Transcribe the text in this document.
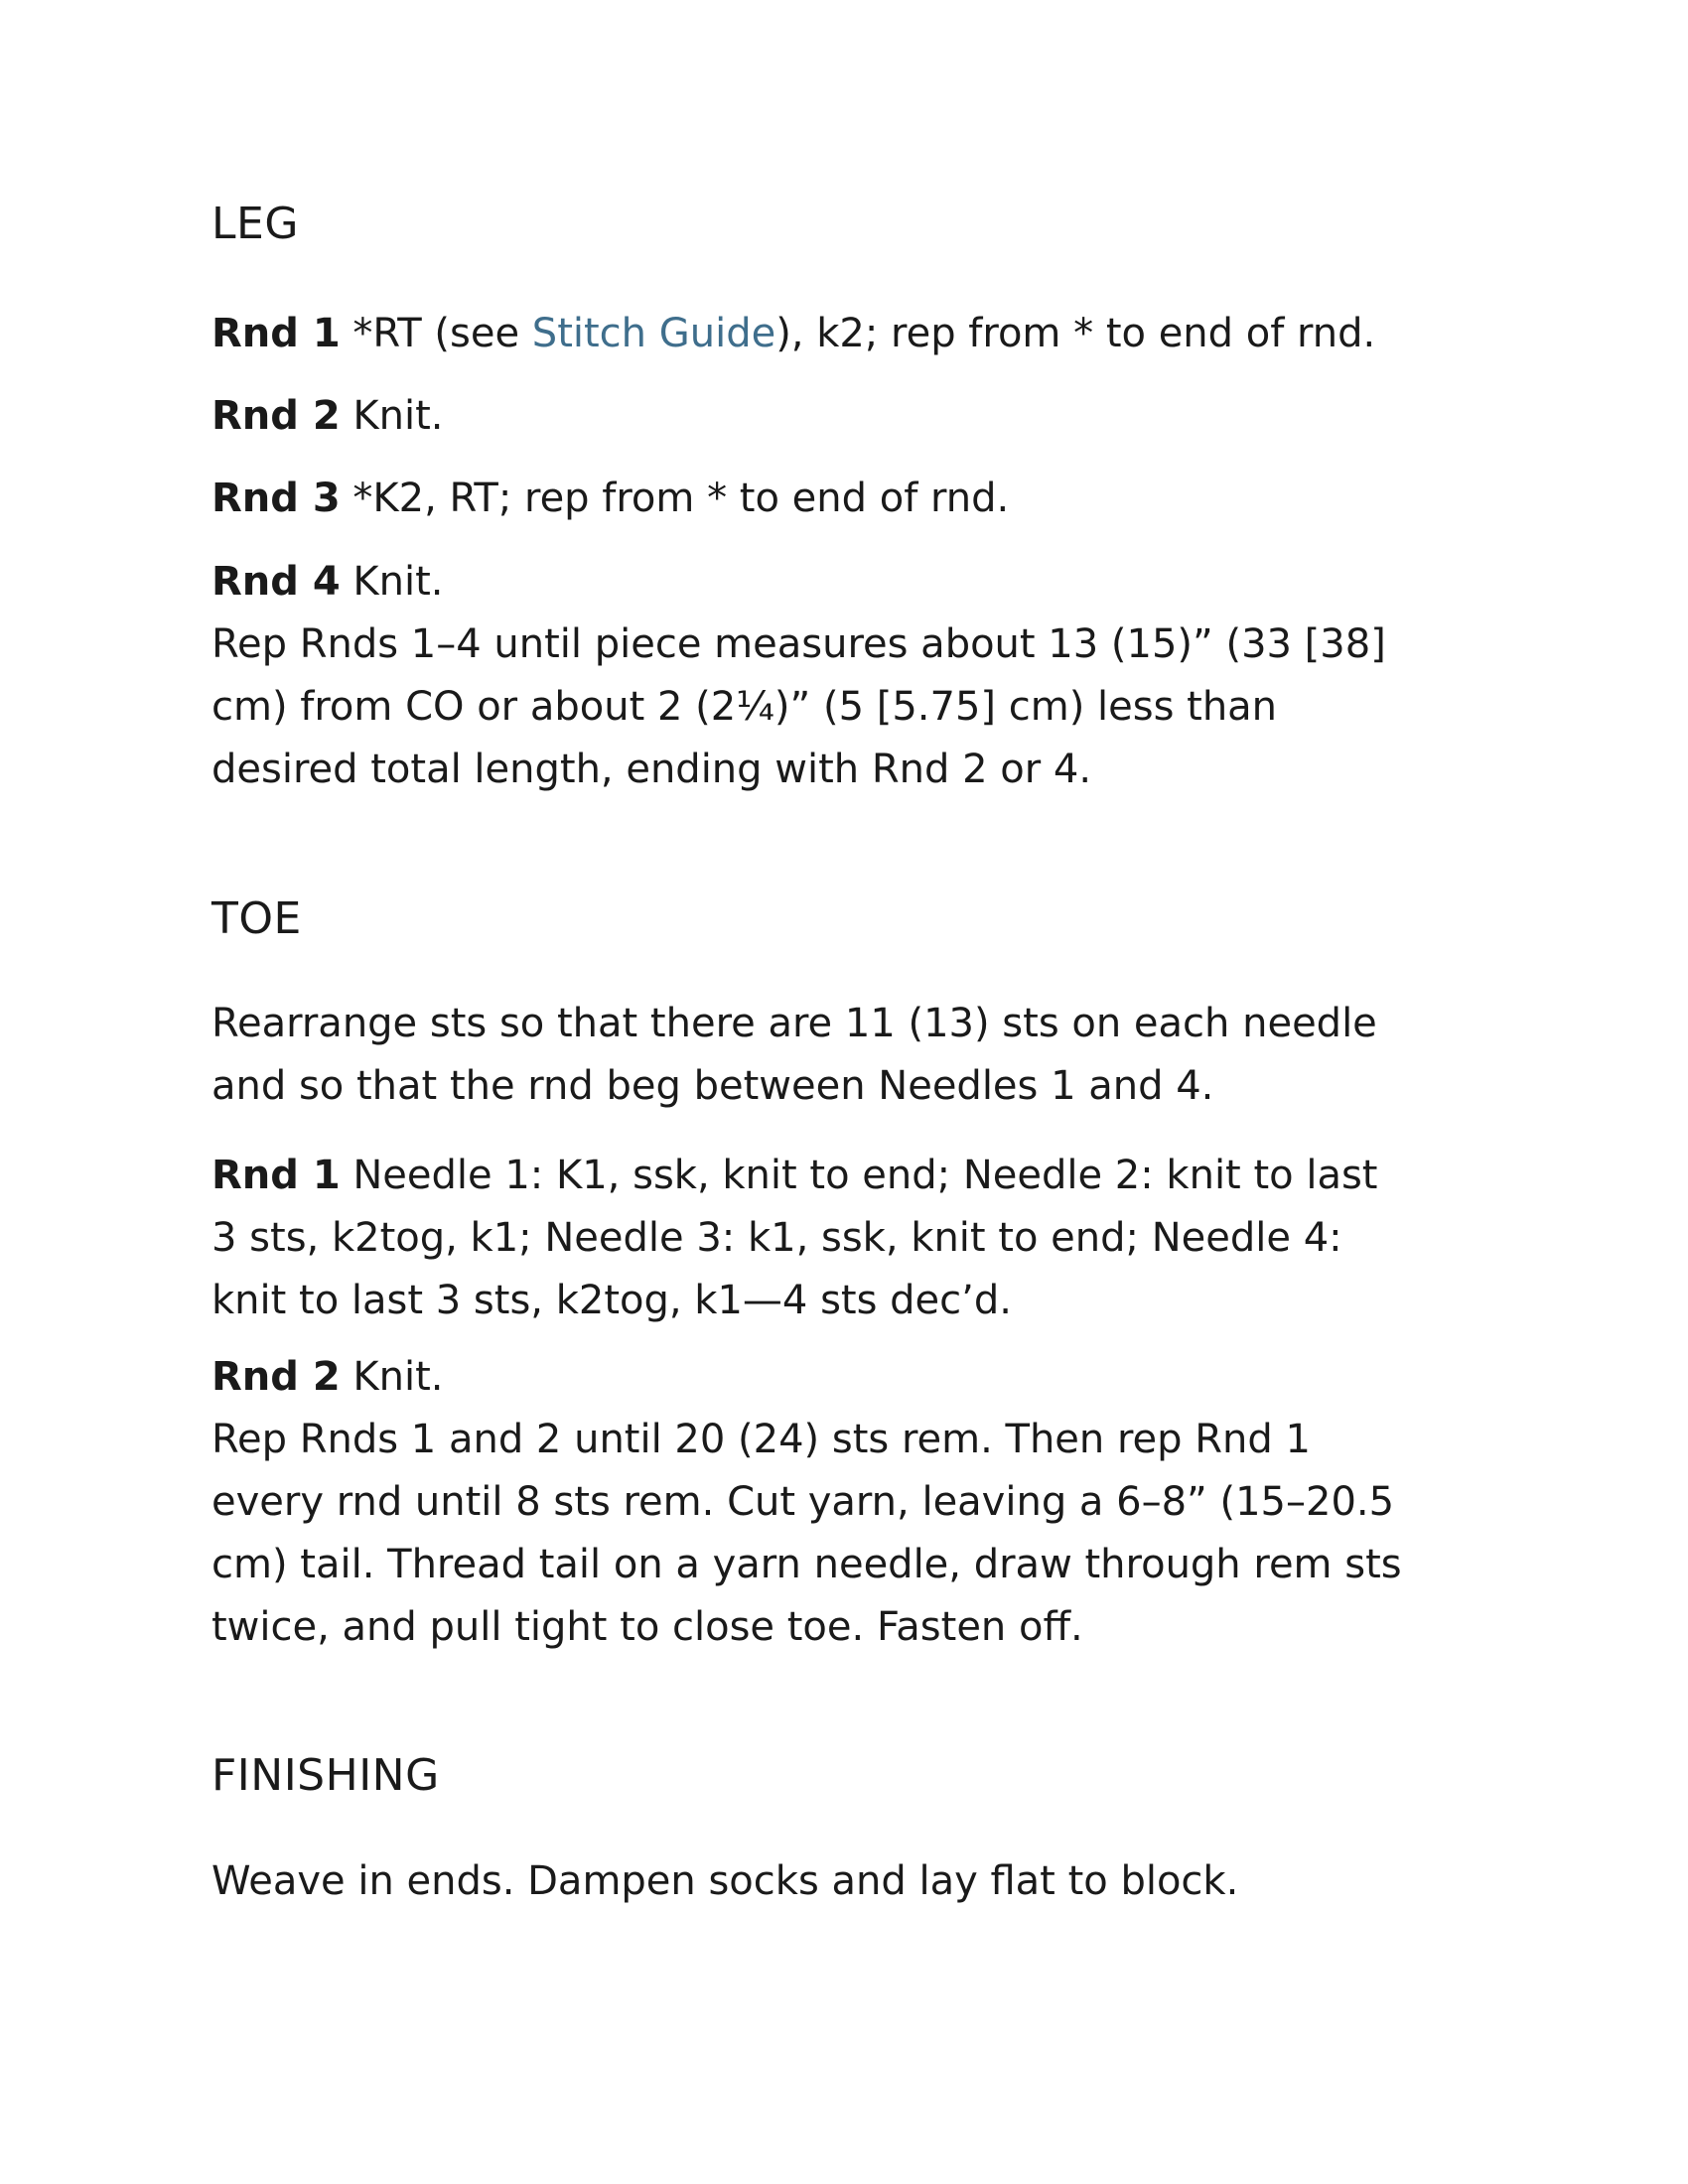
LEG

Rnd 1 *RT (see Stitch Guide), k2; rep from * to end of rnd.

Rnd 2 Knit.

Rnd 3 *K2, RT; rep from * to end of rnd.

Rnd 4 Knit.

Rep Rnds 1–4 until piece measures about 13 (15)” (33 [38]

cm) from CO or about 2 (2¹⁄₄)” (5 [5.75] cm) less than

desired total length, ending with Rnd 2 or 4.

TOE

Rearrange sts so that there are 11 (13) sts on each needle

and so that the rnd beg between Needles 1 and 4.

Rnd 1 Needle 1: K1, ssk, knit to end; Needle 2: knit to last

3 sts, k2tog, k1; Needle 3: k1, ssk, knit to end; Needle 4:

knit to last 3 sts, k2tog, k1—4 sts dec’d.

Rnd 2 Knit.

Rep Rnds 1 and 2 until 20 (24) sts rem. Then rep Rnd 1

every rnd until 8 sts rem. Cut yarn, leaving a 6–8” (15–20.5

cm) tail. Thread tail on a yarn needle, draw through rem sts

twice, and pull tight to close toe. Fasten off.

FINISHING

Weave in ends. Dampen socks and lay flat to block.
